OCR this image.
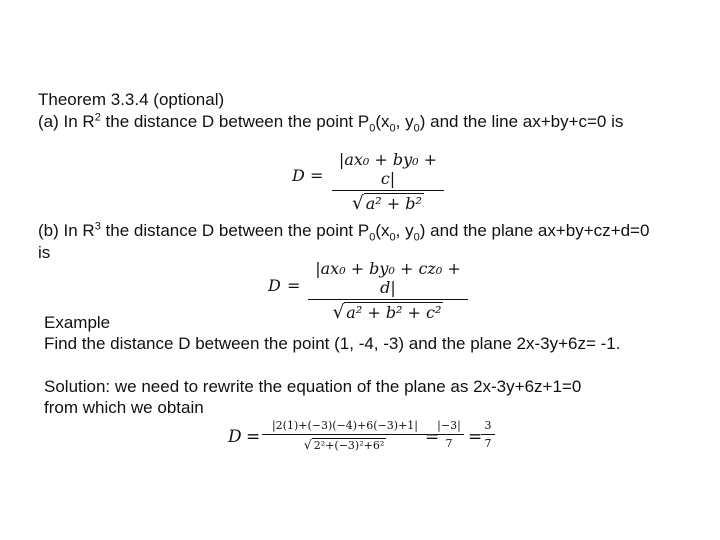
Theorem 3.3.4 (optional)
(a) In $R^2$ the distance D between the point $P_0(x_0$, $y_0$) and the line ax+by+c=0 is
D =
|ax₀ + by₀ + c|
√ a² + b²
(b) In $R^3$ the distance D between the point $P_0(x_0$, $y_0$) and the plane ax+by+cz+d=0
is
D =
|ax₀ + by₀ + cz₀ + d|
√ a² + b² + c²
Example
Find the distance D between the point (1, -4, -3) and the plane 2x-3y+6z= -1.
Solution: we need to rewrite the equation of the plane as 2x-3y+6z+1=0
from which we obtain
D =
|2(1)+(−3)(−4)+6(−3)+1|
√ 2²+(−3)²+6²	=
|−3|
7 =
3
7
